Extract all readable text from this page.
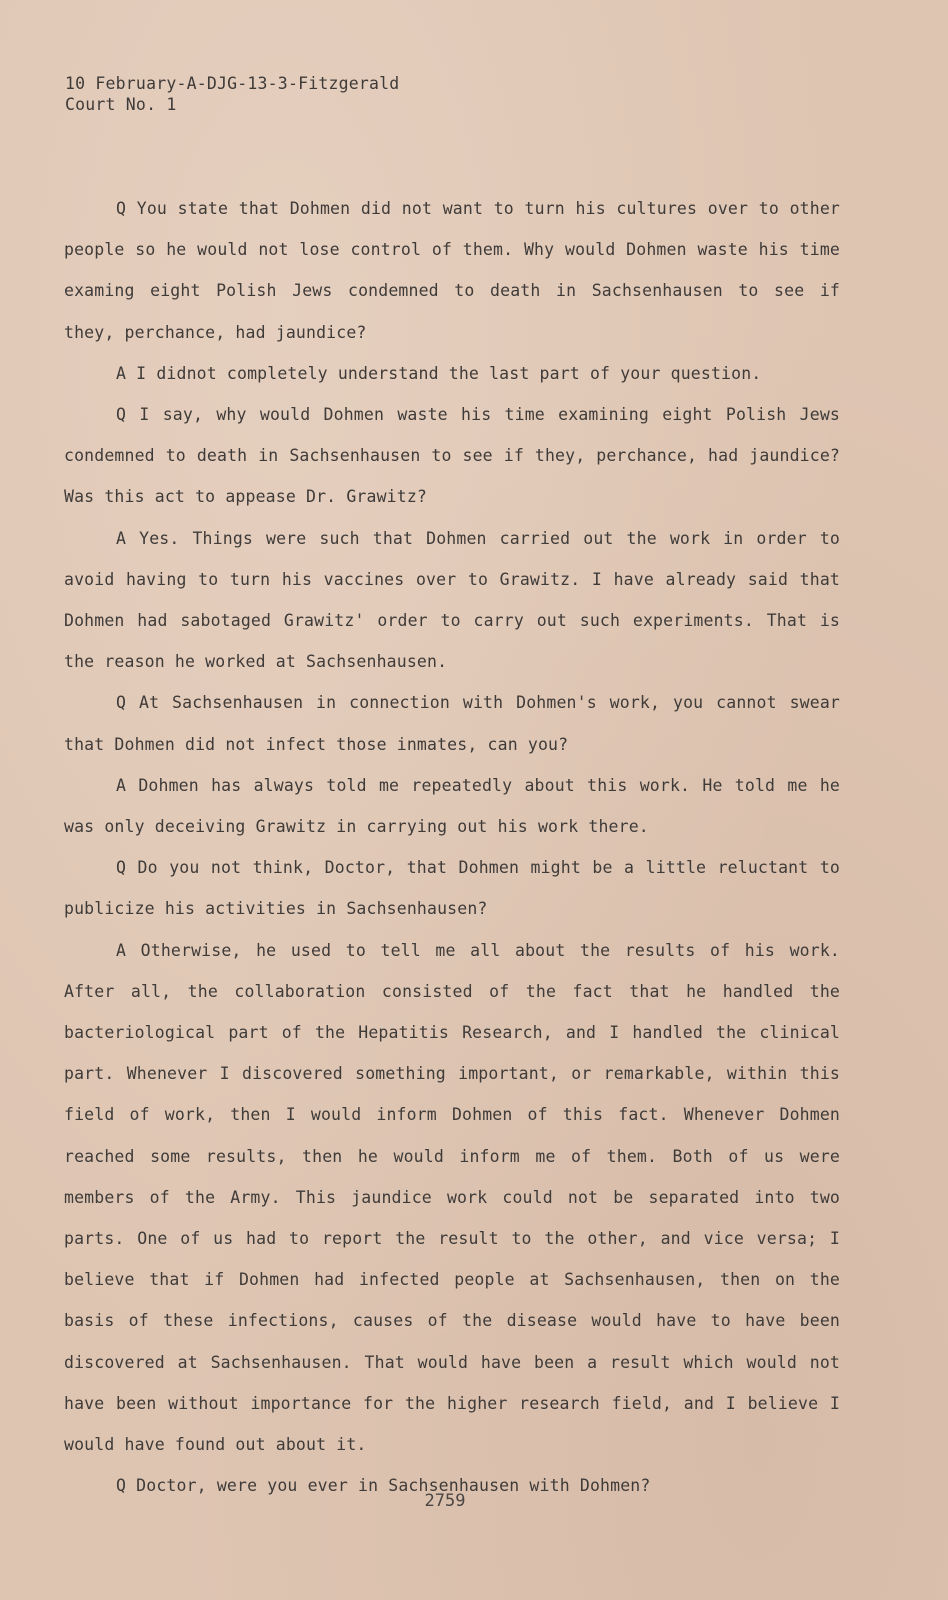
10 February-A-DJG-13-3-Fitzgerald
Court No. 1

Q You state that Dohmen did not want to turn his cultures over to other people so he would not lose control of them. Why would Dohmen waste his time examing eight Polish Jews condemned to death in Sachsenhausen to see if they, perchance, had jaundice?

A I didnot completely understand the last part of your question.

Q I say, why would Dohmen waste his time examining eight Polish Jews condemned to death in Sachsenhausen to see if they, perchance, had jaundice? Was this act to appease Dr. Grawitz?

A Yes. Things were such that Dohmen carried out the work in order to avoid having to turn his vaccines over to Grawitz. I have already said that Dohmen had sabotaged Grawitz' order to carry out such experiments. That is the reason he worked at Sachsenhausen.

Q At Sachsenhausen in connection with Dohmen's work, you cannot swear that Dohmen did not infect those inmates, can you?

A Dohmen has always told me repeatedly about this work. He told me he was only deceiving Grawitz in carrying out his work there.

Q Do you not think, Doctor, that Dohmen might be a little reluctant to publicize his activities in Sachsenhausen?

A Otherwise, he used to tell me all about the results of his work. After all, the collaboration consisted of the fact that he handled the bacteriological part of the Hepatitis Research, and I handled the clinical part. Whenever I discovered something important, or remarkable, within this field of work, then I would inform Dohmen of this fact. Whenever Dohmen reached some results, then he would inform me of them. Both of us were members of the Army. This jaundice work could not be separated into two parts. One of us had to report the result to the other, and vice versa; I believe that if Dohmen had infected people at Sachsenhausen, then on the basis of these infections, causes of the disease would have to have been discovered at Sachsenhausen. That would have been a result which would not have been without importance for the higher research field, and I believe I would have found out about it.

Q Doctor, were you ever in Sachsenhausen with Dohmen?

2759
